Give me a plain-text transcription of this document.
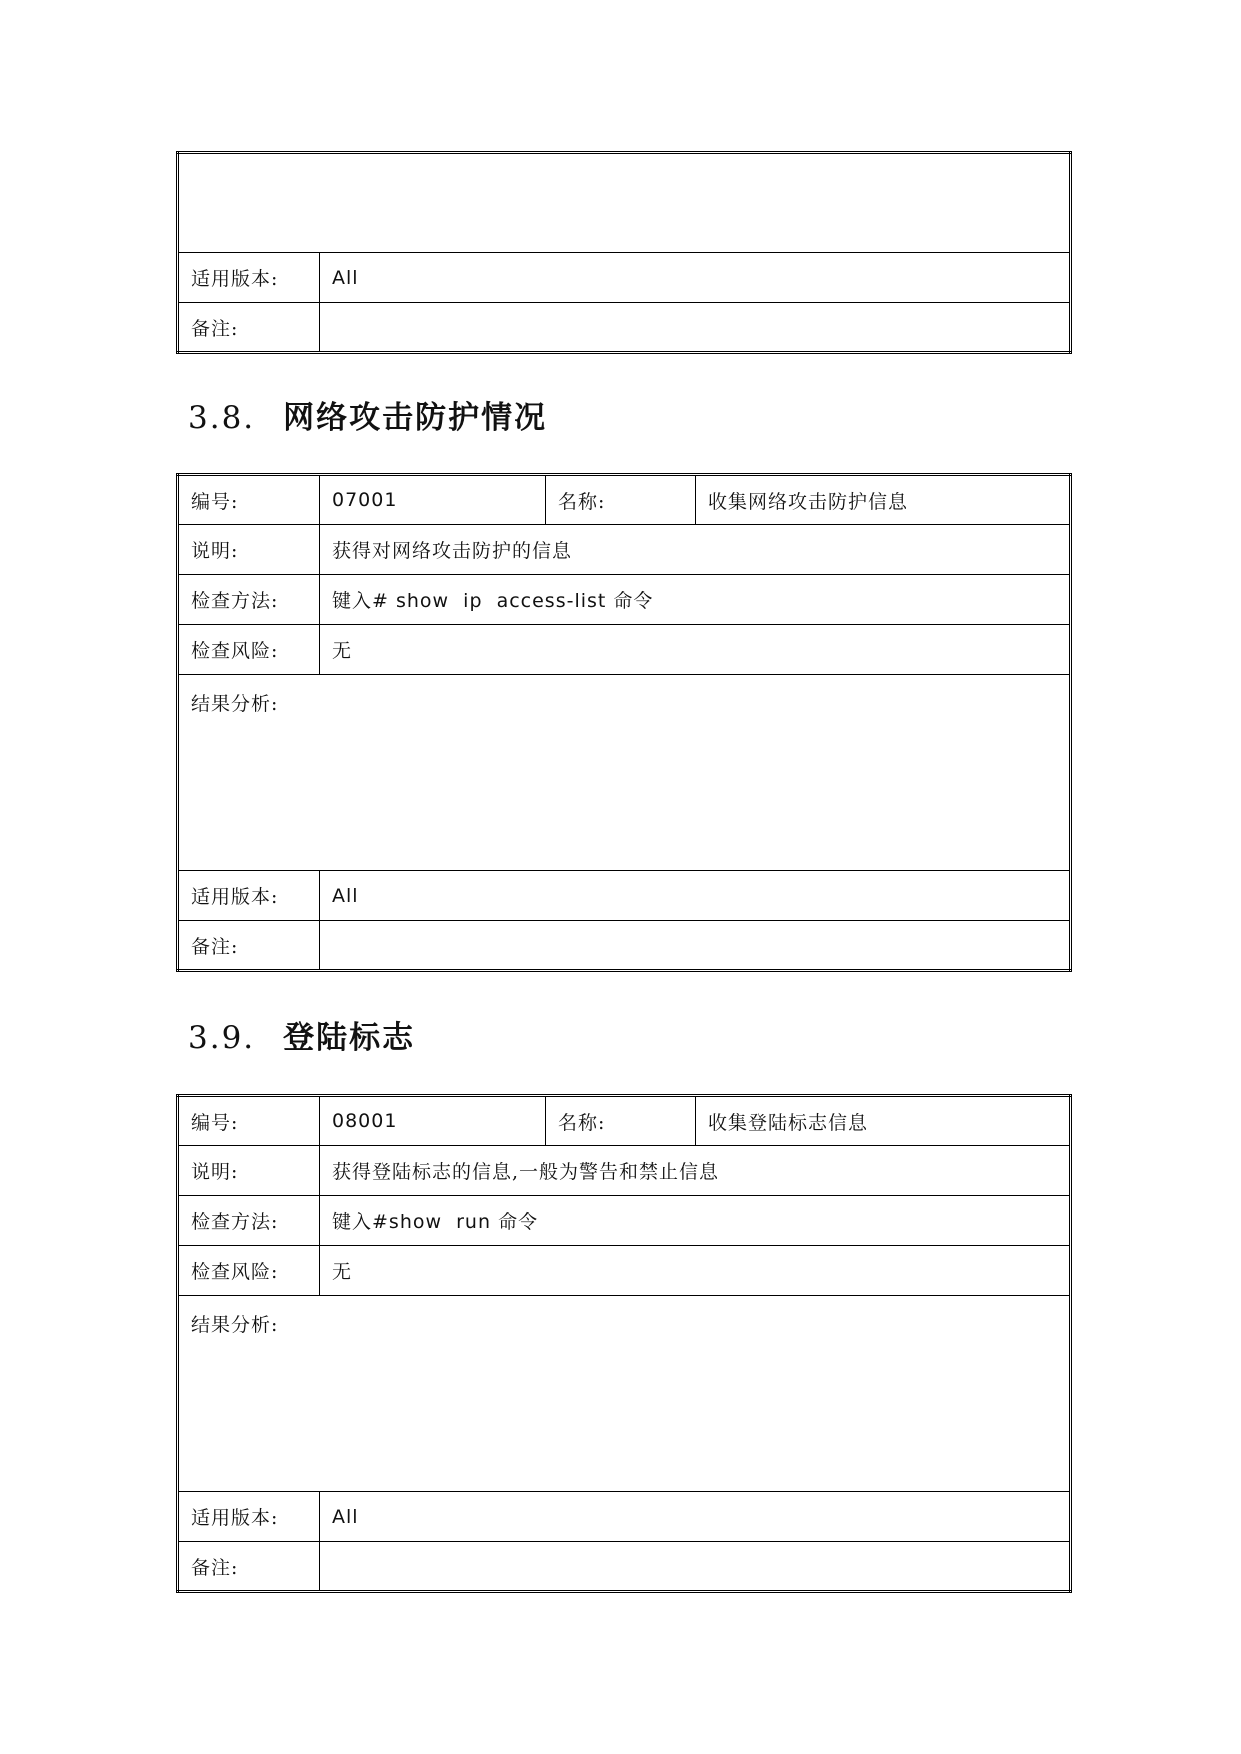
适用版本:	All
备注:	
3.8. 网络攻击防护情况
编号:	07001	名称:	收集网络攻击防护信息
说明:	获得对网络攻击防护的信息		
检查方法:	键入# show  ip  access-list 命令		
检查风险:	无		
结果分析:			
适用版本:	All		
备注:			
3.9. 登陆标志
编号:	08001	名称:	收集登陆标志信息
说明:	获得登陆标志的信息,一般为警告和禁止信息		
检查方法:	键入#show  run 命令		
检查风险:	无		
结果分析:			
适用版本:	All		
备注:			
